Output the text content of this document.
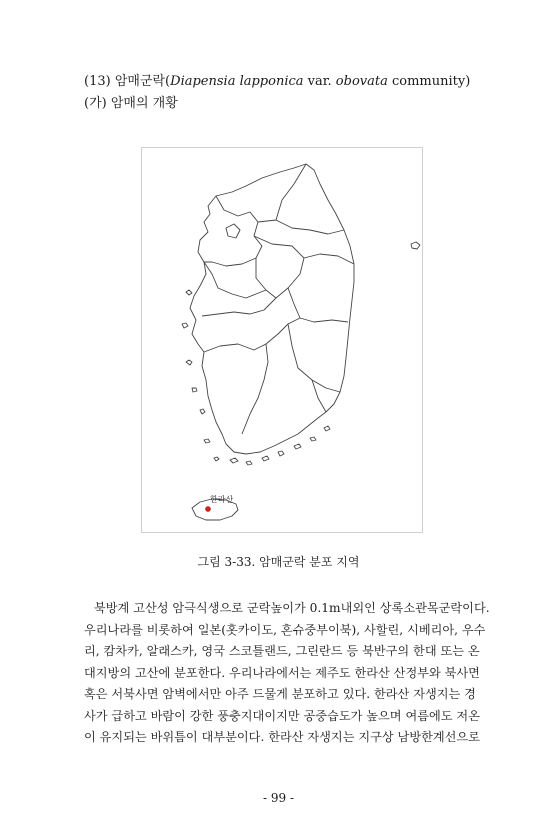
(13) 암매군락(Diapensia lapponica var. obovata community)
(가) 암매의 개황
한라산
그림 3-33. 암매군락 분포 지역
북방계 고산성 암극식생으로 군락높이가 0.1m내외인 상록소관목군락이다.
우리나라를 비롯하여 일본(홋카이도, 혼슈중부이북), 사할린, 시베리아, 우수
리, 캄차카, 알래스카, 영국 스코틀랜드, 그린란드 등 북반구의 한대 또는 온
대지방의 고산에 분포한다. 우리나라에서는 제주도 한라산 산정부와 북사면
혹은 서북사면 암벽에서만 아주 드물게 분포하고 있다. 한라산 자생지는 경
사가 급하고 바람이 강한 풍충지대이지만 공중습도가 높으며 여름에도 저온
이 유지되는 바위틈이 대부분이다. 한라산 자생지는 지구상 남방한계선으로
- 99 -
